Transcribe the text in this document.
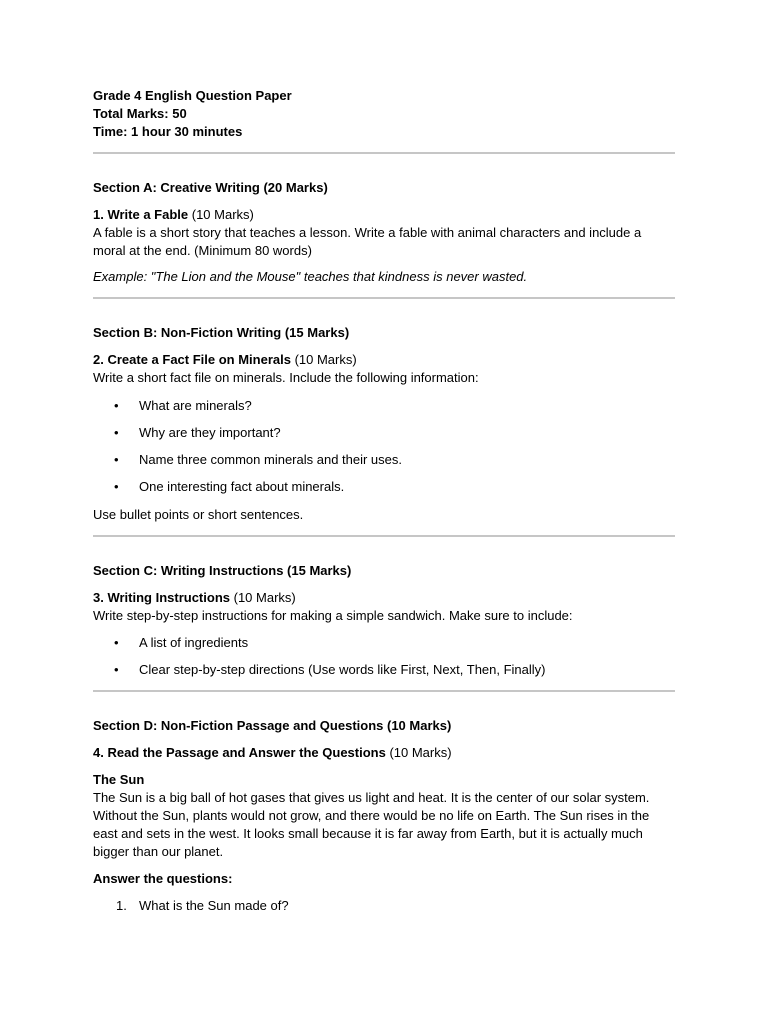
Grade 4 English Question Paper

Total Marks: 50

Time: 1 hour 30 minutes

Section A: Creative Writing (20 Marks)

1. Write a Fable (10 Marks)

A fable is a short story that teaches a lesson. Write a fable with animal characters and include a moral at the end. (Minimum 80 words)

Example: "The Lion and the Mouse" teaches that kindness is never wasted.

Section B: Non-Fiction Writing (15 Marks)

2. Create a Fact File on Minerals (10 Marks)

Write a short fact file on minerals. Include the following information:

• What are minerals?
• Why are they important?
• Name three common minerals and their uses.
• One interesting fact about minerals.

Use bullet points or short sentences.

Section C: Writing Instructions (15 Marks)

3. Writing Instructions (10 Marks)

Write step-by-step instructions for making a simple sandwich. Make sure to include:

• A list of ingredients
• Clear step-by-step directions (Use words like First, Next, Then, Finally)

Section D: Non-Fiction Passage and Questions (10 Marks)

4. Read the Passage and Answer the Questions (10 Marks)

The Sun

The Sun is a big ball of hot gases that gives us light and heat. It is the center of our solar system. Without the Sun, plants would not grow, and there would be no life on Earth. The Sun rises in the east and sets in the west. It looks small because it is far away from Earth, but it is actually much bigger than our planet.

Answer the questions:

1. What is the Sun made of?
